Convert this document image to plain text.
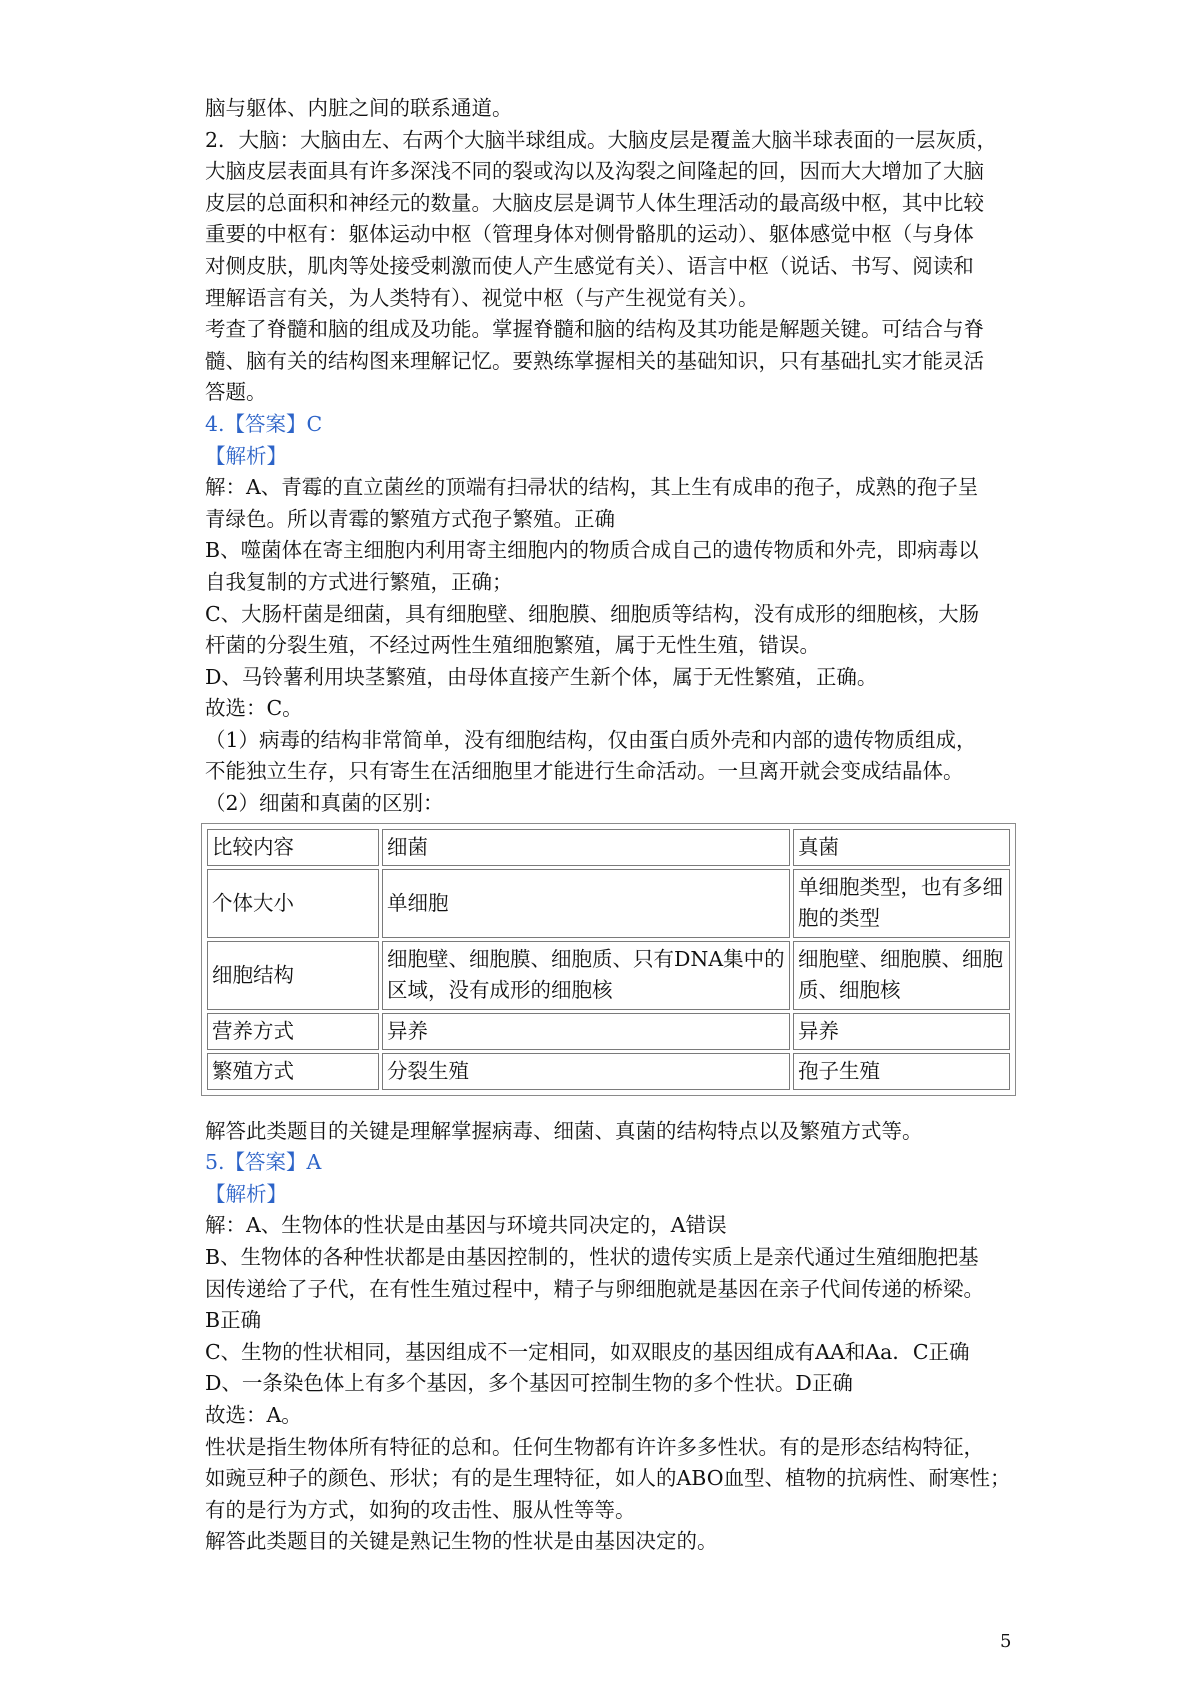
脑与躯体、内脏之间的联系通道。

2．大脑：大脑由左、右两个大脑半球组成。大脑皮层是覆盖大脑半球表面的一层灰质，

大脑皮层表面具有许多深浅不同的裂或沟以及沟裂之间隆起的回，因而大大增加了大脑

皮层的总面积和神经元的数量。大脑皮层是调节人体生理活动的最高级中枢，其中比较

重要的中枢有：躯体运动中枢（管理身体对侧骨骼肌的运动）、躯体感觉中枢（与身体

对侧皮肤，肌肉等处接受刺激而使人产生感觉有关）、语言中枢（说话、书写、阅读和

理解语言有关，为人类特有）、视觉中枢（与产生视觉有关）。

考查了脊髓和脑的组成及功能。掌握脊髓和脑的结构及其功能是解题关键。可结合与脊

髓、脑有关的结构图来理解记忆。要熟练掌握相关的基础知识，只有基础扎实才能灵活

答题。

4.【答案】C

【解析】

解：A、青霉的直立菌丝的顶端有扫帚状的结构，其上生有成串的孢子，成熟的孢子呈

青绿色。所以青霉的繁殖方式孢子繁殖。正确

B、噬菌体在寄主细胞内利用寄主细胞内的物质合成自己的遗传物质和外壳，即病毒以

自我复制的方式进行繁殖，正确；

C、大肠杆菌是细菌，具有细胞壁、细胞膜、细胞质等结构，没有成形的细胞核，大肠

杆菌的分裂生殖，不经过两性生殖细胞繁殖，属于无性生殖，错误。

D、马铃薯利用块茎繁殖，由母体直接产生新个体，属于无性繁殖，正确。

故选：C。

（1）病毒的结构非常简单，没有细胞结构，仅由蛋白质外壳和内部的遗传物质组成，

不能独立生存，只有寄生在活细胞里才能进行生命活动。一旦离开就会变成结晶体。

（2）细菌和真菌的区别：

比较内容	细菌	真菌
个体大小	单细胞	单细胞类型，也有多细胞的类型
细胞结构	细胞壁、细胞膜、细胞质、只有DNA集中的区域，没有成形的细胞核	细胞壁、细胞膜、细胞质、细胞核
营养方式	异养	异养
繁殖方式	分裂生殖	孢子生殖

解答此类题目的关键是理解掌握病毒、细菌、真菌的结构特点以及繁殖方式等。

5.【答案】A

【解析】

解：A、生物体的性状是由基因与环境共同决定的，A错误

B、生物体的各种性状都是由基因控制的，性状的遗传实质上是亲代通过生殖细胞把基

因传递给了子代，在有性生殖过程中，精子与卵细胞就是基因在亲子代间传递的桥梁。

B正确

C、生物的性状相同，基因组成不一定相同，如双眼皮的基因组成有AA和Aa．C正确

D、一条染色体上有多个基因，多个基因可控制生物的多个性状。D正确

故选：A。

性状是指生物体所有特征的总和。任何生物都有许许多多性状。有的是形态结构特征，

如豌豆种子的颜色、形状；有的是生理特征，如人的ABO血型、植物的抗病性、耐寒性；

有的是行为方式，如狗的攻击性、服从性等等。

解答此类题目的关键是熟记生物的性状是由基因决定的。

5
